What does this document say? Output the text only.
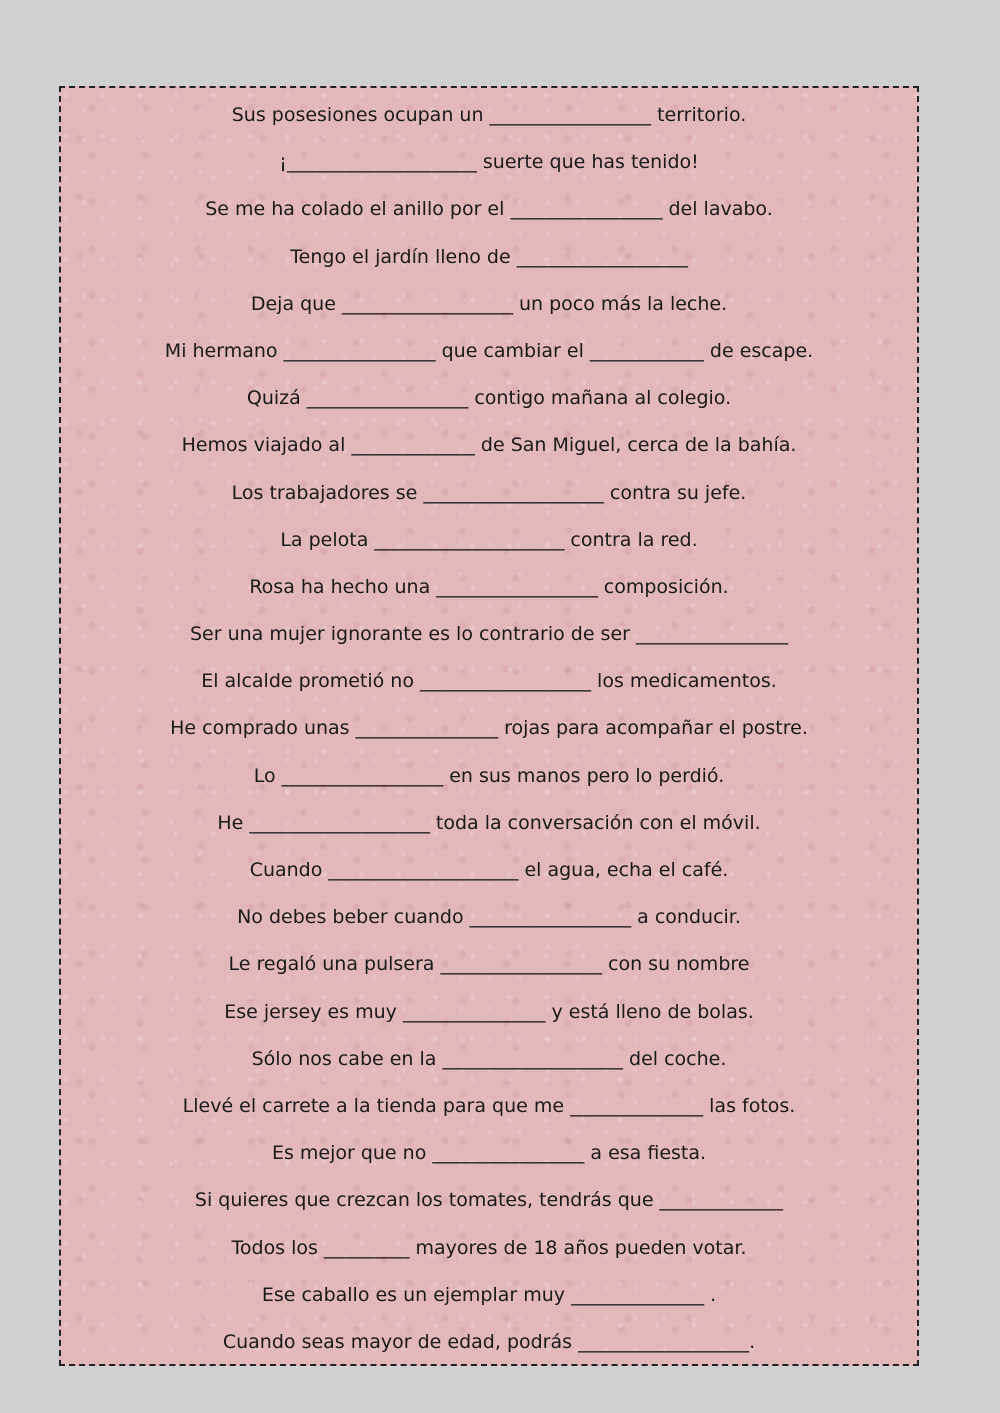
Sus posesiones ocupan un _________________ territorio.
¡____________________ suerte que has tenido!
Se me ha colado el anillo por el ________________ del lavabo.
Tengo el jardín lleno de __________________
Deja que __________________ un poco más la leche.
Mi hermano ________________ que cambiar el ____________ de escape.
Quizá _________________ contigo mañana al colegio.
Hemos viajado al _____________ de San Miguel, cerca de la bahía.
Los trabajadores se ___________________ contra su jefe.
La pelota ____________________ contra la red.
Rosa ha hecho una _________________ composición.
Ser una mujer ignorante es lo contrario de ser ________________
El alcalde prometió no __________________ los medicamentos.
He comprado unas _______________ rojas para acompañar el postre.
Lo _________________ en sus manos pero lo perdió.
He ___________________ toda la conversación con el móvil.
Cuando ____________________ el agua, echa el café.
No debes beber cuando _________________ a conducir.
Le regaló una pulsera _________________ con su nombre
Ese jersey es muy _______________ y está lleno de bolas.
Sólo nos cabe en la ___________________ del coche.
Llevé el carrete a la tienda para que me ______________ las fotos.
Es mejor que no ________________ a esa fiesta.
Si quieres que crezcan los tomates, tendrás que _____________
Todos los _________ mayores de 18 años pueden votar.
Ese caballo es un ejemplar muy ______________ .
Cuando seas mayor de edad, podrás __________________.
